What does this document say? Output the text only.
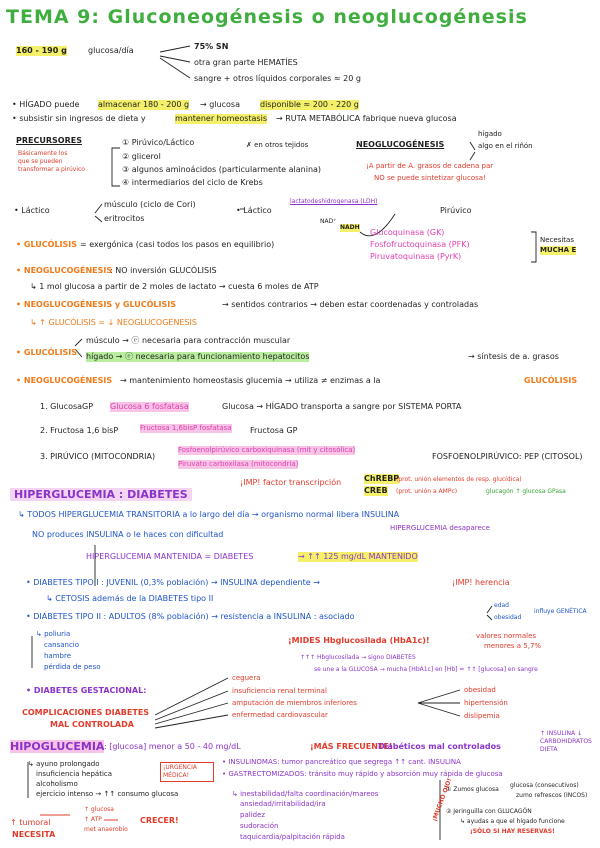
TEMA 9: Gluconeogénesis o neoglucogénesis
160 - 190 g	glucosa/día	75% SN
otra gran parte HEMATÍES
sangre + otros líquidos corporales ≈ 20 g
• HÍGADO puede almacenar 180 - 200 g → glucosa	disponible ≈ 200 - 220 g
• subsistir sin ingresos de dieta y	mantener homeostasis → RUTA METABÓLICA fabrique nueva glucosa
PRECURSORES
Básicamente los
que se pueden
transformar a pirúvico
① Pirúvico/Láctico
② glicerol
③ algunos aminoácidos (particularmente alanina)
④ intermediarios del ciclo de Krebs
✗ en otros tejidos	NEOGLUCOGÉNESIS
hígado
algo en el riñón
¡A partir de A. grasos de cadena par
NO se puede sintetizar glucosa!
• Láctico
músculo (ciclo de Cori)
eritrocitos
• Láctico
lactatodeshidrogenasa (LDH)
Pirúvico
NAD⁺
NADH
• GLUCÓLISIS = exergónica (casi todos los pasos en equilibrio)
Glucoquinasa (GK)
Fosfofructoquinasa (PFK)
Piruvatoquinasa (PyrK)
Necesitas
MUCHA E
• NEOGLUCOGÉNESIS
: NO inversión GLUCÓLISIS
↳ 1 mol glucosa a partir de 2 moles de lactato → cuesta 6 moles de ATP
• NEOGLUCOGÉNESIS y GLUCÓLISIS	→ sentidos contrarios → deben estar coordenadas y controladas
↳ ↑ GLUCÓLISIS = ↓ NEOGLUCOGÉNESIS
• GLUCÓLISIS
músculo → ⓔ necesaria para contracción muscular
hígado → ⓔ necesaria para funcionamiento hepatocitos	→ síntesis de a. grasos
• NEOGLUCOGÉNESIS → mantenimiento homeostasis glucemia → utiliza ≠ enzimas a la	GLUCÓLISIS
1. GlucosaGP Glucosa 6 fosfatasa	Glucosa → HÍGADO transporta a sangre por SISTEMA PORTA
2. Fructosa 1,6 bisP	Fructosa 1,6bisP fosfatasa Fructosa GP
3. PIRÚVICO (MITOCONDRIA)
Fosfoenolpirúvico carboxiquinasa (mit y citosólica)
Piruvato carboxilasa (mitocondria)
FOSFOENOLPIRÚVICO: PEP (CITOSOL)
¡IMP! factor transcripción	ChREBP
(prot. unión elementos de resp. glucídica)
CREB (prot. unión a AMPc)	glucagón ↑ glucosa GPasa
HIPERGLUCEMIA : DIABETES
↳ TODOS HIPERGLUCEMIA TRANSITORIA a lo largo del día → organismo normal libera INSULINA
HIPERGLUCEMIA desaparece
NO produces INSULINA o le haces con dificultad
HIPERGLUCEMIA MANTENIDA = DIABETES	→ ↑↑ 125 mg/dL MANTENIDO
• DIABETES TIPO I : JUVENIL (0,3% población) → INSULINA dependiente →	¡IMP! herencia
↳ CETOSIS además de la DIABETES tipo II
• DIABETES TIPO II : ADULTOS (8% población) → resistencia a INSULINA : asociado
edad
obesidad
influye GENÉTICA
↳ poliuria
cansancio
hambre
pérdida de peso
¡MIDES Hbglucosilada (HbA1c)!	valores normales
menores a 5,7%
↑↑↑ Hbglucosilada → signo DIABETES
se une a la GLUCOSA → mucha [HbA1c] en [Hb] = ↑↑ [glucosa] en sangre
• DIABETES GESTACIONAL:
COMPLICACIONES DIABETES
MAL CONTROLADA
ceguera
insuficiencia renal terminal
amputación de miembros inferiores
enfermedad cardiovascular
obesidad
hipertensión
dislipemia
HIPOGLUCEMIA : [glucosa] menor a 50 - 40 mg/dL	¡MÁS FRECUENTE!
Diabéticos mal controlados
↑ INSULINA ↓ CARBOHIDRATOS DIETA
↳ ayuno prolongado
insuficiencia hepática
alcoholismo
ejercicio intenso → ↑↑ consumo glucosa
¡URGENCIA MÉDICA!
• INSULINOMAS: tumor pancreático que segrega ↑↑ cant. INSULINA
• GASTRECTOMIZADOS: tránsito muy rápido y absorción muy rápida de glucosa
↳ inestabilidad/falta coordinación/mareos
ansiedad/irritabilidad/ira
palidez
sudoración
taquicardia/palpitación rápida
¡MUCHO OJO!
① Zumos glucosa
glucosa (consecutivos)
zumo refrescos (INCOS)
② Jeringuilla con GLUCAGÓN
↳ ayudas a que el hígado funcione
¡SÓLO SI HAY RESERVAS!
↑ tumoral
NECESITA
↑ glucosa
↑ ATP
met anaerobio
CRECER!
